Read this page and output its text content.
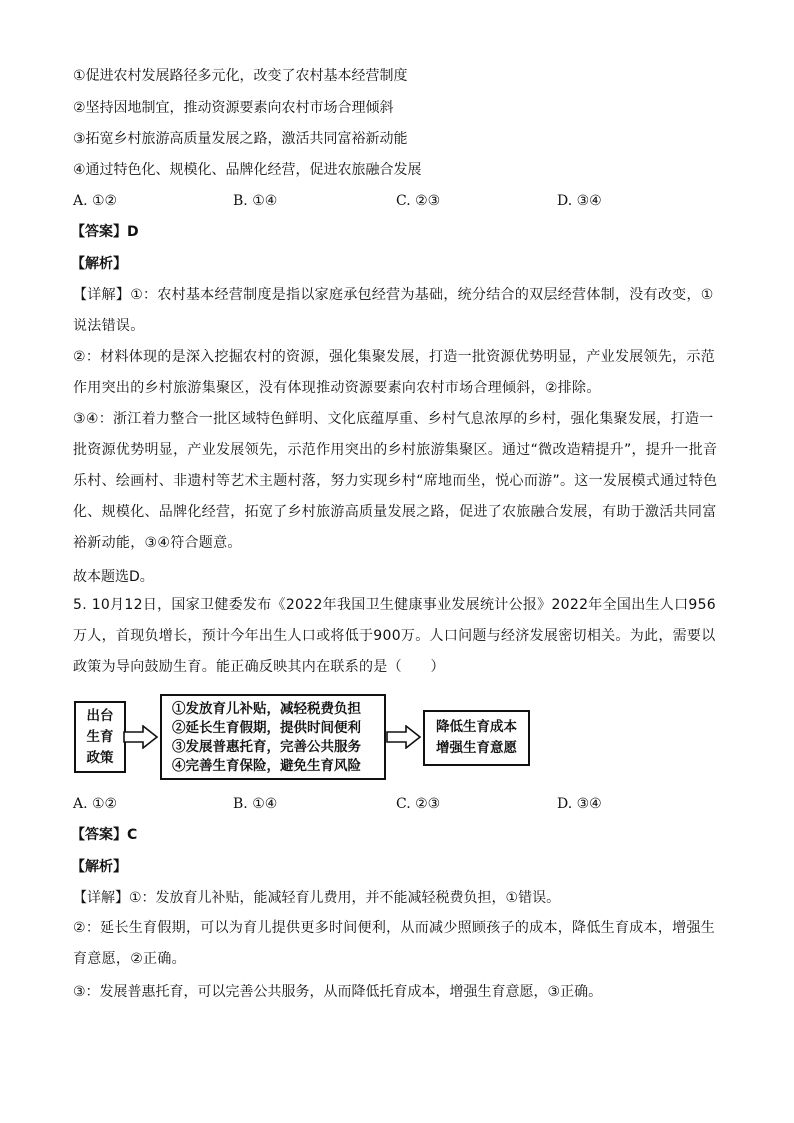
①促进农村发展路径多元化，改变了农村基本经营制度
②坚持因地制宜，推动资源要素向农村市场合理倾斜
③拓宽乡村旅游高质量发展之路，激活共同富裕新动能
④通过特色化、规模化、品牌化经营，促进农旅融合发展
A. ①②	B. ①④	C. ②③	D. ③④
【答案】D
【解析】
【详解】①：农村基本经营制度是指以家庭承包经营为基础，统分结合的双层经营体制，没有改变，①说法错误。
②：材料体现的是深入挖掘农村的资源，强化集聚发展，打造一批资源优势明显，产业发展领先，示范作用突出的乡村旅游集聚区，没有体现推动资源要素向农村市场合理倾斜，②排除。
③④：浙江着力整合一批区域特色鲜明、文化底蕴厚重、乡村气息浓厚的乡村，强化集聚发展，打造一批资源优势明显，产业发展领先，示范作用突出的乡村旅游集聚区。通过“微改造精提升”，提升一批音乐村、绘画村、非遗村等艺术主题村落，努力实现乡村“席地而坐，悦心而游”。这一发展模式通过特色化、规模化、品牌化经营，拓宽了乡村旅游高质量发展之路，促进了农旅融合发展，有助于激活共同富裕新动能，③④符合题意。
故本题选D。
5. 10月12日，国家卫健委发布《2022年我国卫生健康事业发展统计公报》2022年全国出生人口956万人，首现负增长，预计今年出生人口或将低于900万。人口问题与经济发展密切相关。为此，需要以政策为导向鼓励生育。能正确反映其内在联系的是（　　）
出台
生育
政策
①发放育儿补贴，减轻税费负担
②延长生育假期，提供时间便利
③发展普惠托育，完善公共服务
④完善生育保险，避免生育风险
降低生育成本
增强生育意愿
A. ①②	B. ①④	C. ②③	D. ③④
【答案】C
【解析】
【详解】①：发放育儿补贴，能减轻育儿费用，并不能减轻税费负担，①错误。
②：延长生育假期，可以为育儿提供更多时间便利，从而减少照顾孩子的成本，降低生育成本，增强生育意愿，②正确。
③：发展普惠托育，可以完善公共服务，从而降低托育成本，增强生育意愿，③正确。
